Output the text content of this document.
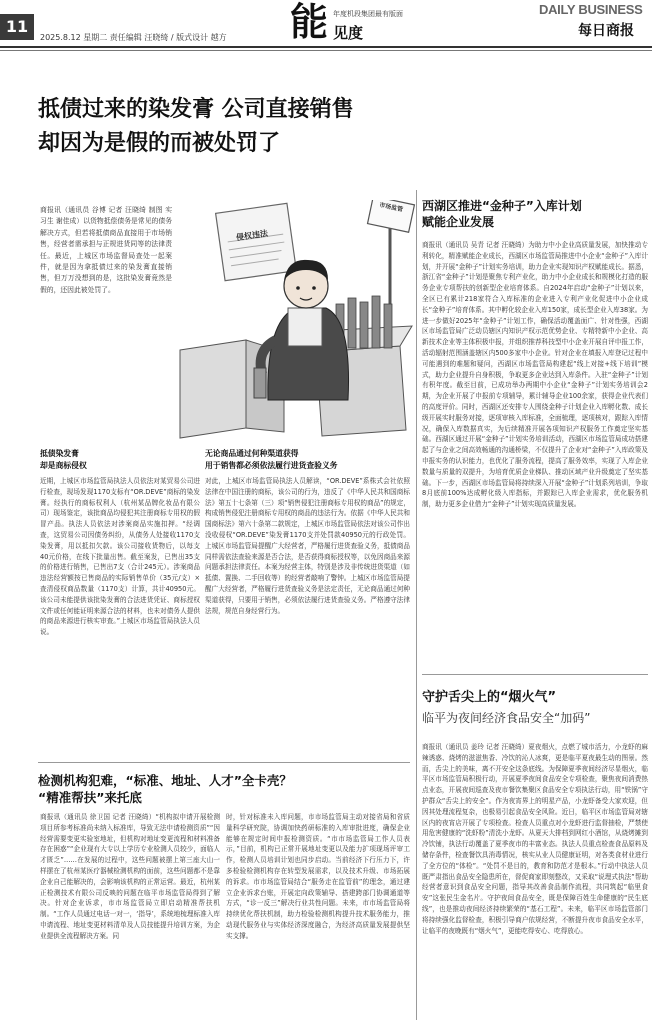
11
2025.8.12 星期二 责任编辑 汪晓绮 / 版式设计 越方 能 年度机段集团最有版面
见度
DAILY BUSINESS
每日商报
抵债过来的染发膏 公司直接销售
却因为是假的而被处罚了
商报讯（通讯员 谷博 记者 汪晓绮 制图 实习生 谢佳成）以货物抵偿债务是常见的债务解决方式，但若将抵债商品直接用于市场销售，经营者需承担与正规进货同等的法律责任。最近，上城区市场监督局查处一起案件，就是因为拿抵债过来的染发膏直接销售，但万万没想到的是，这批染发膏竟然是假的，还因此被处罚了。
侵权违法
市场监管
抵债染发膏
却是商标侵权
近期，上城区市场监管局执法人员依法对某贸易公司进行检查，现场发现1170支标有“OR.DEVE”商标的染发膏。经执行的商标权利人（杭州某品牌化妆品有限公司）现场鉴定，该批商品均侵犯其注册商标专用权的假冒产品。执法人员依法对涉案商品实施扣押。“经调查，这贸易公司因债务纠纷，从债务人处接收1170支染发膏，用以抵扣欠款。该公司接收货物后，以每支40元价格，在线下批量出售。截至案发，已售出35支的价格进行销售，已售出7支（合计245元）。涉案商品违法经营额按已售商品的实际销售单价（35元/支）×查清侵权商品数量（1170支）计算，共计40950元。该公司未能提供该批染发膏的合法进货凭证、商标授权文件或任何能证明来源合法的材料，也未对债务人提供的商品来源进行核实审查。”上城区市场监管局执法人员说。
无论商品通过何种渠道获得
用于销售都必须依法履行进货查验义务
对此，上城区市场监管局执法人员解读，“OR.DEVE”系株式会社依照法律在中国注册的商标，该公司的行为，违反了《中华人民共和国商标法》第五十七条第（三）项“销售侵犯注册商标专用权的商品”的规定，构成销售侵犯注册商标专用权的商品的违法行为。依据《中华人民共和国商标法》第六十条第二款规定，上城区市场监管局依法对该公司作出没收侵权“OR.DEVE”染发膏1170支并处罚款40950元的行政处罚。上城区市场监管局提醒广大经营者，严格履行进货查验义务，抵债商品同样需依法查验来源是否合法，是否获得商标授权等，以免因商品来源问题承担法律责任。本案为经营主体，特别是涉及非传统进货渠道（如抵债、置换、二手回收等）的经营者敲响了警钟。上城区市场监管局提醒广大经营者，严格履行进货查验义务是法定责任，无论商品通过何种渠道获得，只要用于销售，必须依法履行进货查验义务。严格遵守法律法规，规范自身经营行为。
西湖区推进“金种子”入库计划
赋能企业发展
商报讯（通讯员 吴青 记者 汪晓绮）为助力中小企业高质量发展，加快推动专利转化，精准赋能企业成长，西湖区市场监管局推进中小企业“金种子”入库计划，并开展“金种子”计划实务培训，助力企业实现知识产权赋能成长。据悉，浙江省“金种子”计划是聚焦专利产业化，助力中小企业成长和规模化打造的服务企业专项帮扶的创新型企业培育体系。自2024年启动“金种子”计划以来，全区已有累计218家符合入库标准的企业进入专利产业化促进中小企业成长“金种子”培育体系。其中孵化较企业入库150家，成长型企业入库38家。为进一步做好2025年“金种子”计划工作，确保活动覆盖面广、针对性强，西湖区市场监管局广泛动员辖区内知识产权示范优势企业、专精特新中小企业、高新技术企业等主体积极申报，并组织推荐科技型中小企业开展自评申报工作，活动辐射范围涵盖辖区内500多家中小企业。针对企业在填报入库登记过程中可能遇到的难题和疑问，西湖区市场监管局构建起“线上对接+线下培训”模式，助力企业提升自身积极，争取更多企业达到入库条件。入驻“金种子”计划有积年度。截至目前，已成功举办两期中小企业“金种子”计划实务培训会2期，为企业开展了申报前专项辅导，累计辅导企业100余家，获得企业代表们的高度评价。同时，西湖区还安排专人围绕金种子计划企业入库孵化数、成长级开展实时服务对接，逐项审核入库标准，全面梳理，逐项核对，跟踪入库情况，确保入库数据真实，为后续精准开展各项知识产权服务工作奠定坚实基础。西湖区通过开展“金种子”计划实务培训活动，西湖区市场监管局成功搭建起了与企业之间高效畅通的沟通桥梁，不仅提升了企业对“金种子”入库政策及申报实务的认识能力，也优化了服务流程，提高了服务效率，实现了入库企业数量与质量的双提升，为培育优质企业梯队、推动区域产业升级奠定了坚实基础。下一步，西湖区市场监管局将持续深入开展“金种子”计划系列培训，争取8月底前100%达成孵化级入库指标，并跟踪已入库企业需求，优化服务机制，助力更多企业借力“金种子”计划实现高质量发展。
守护舌尖上的“烟火气”
临平为夜间经济食品安全“加码”
商报讯（通讯员 姜玲 记者 汪晓绮）夏夜烟火，点燃了城市活力，小龙虾的麻辣诱惑、烧烤的滋滋焦香、冷饮的沁人冰爽，更是临平夏夜最生动的图景。然而，舌尖上的美味，离不开安全这条底线。为保障夏季夜间经济尽显烟火，临平区市场监管局积极行动，开展夏季夜间食品安全专项检查，聚焦夜间消费热点业态，开展夜间巡查及夜市餐饮集聚区食品安全专项执法行动，用“铁锅”守护群众“舌尖上的安全”。作为夜宵界上的明星产品，小龙虾备受大家欢迎，但因其处理流程复杂，也极易引起食品安全风险。近日，临平区市场监管局对辖区内的夜宵店开展了专项检查。检查人员重点对小龙虾进行监督抽检，严禁使用危害健康的“洗虾粉”清洗小龙虾。从夏天大排档到网红小酒馆，从烧烤摊到冷饮铺，执法行动覆盖了夏季夜市的丰富业态。执法人员重点检查食品原料及储存条件，检查餐饮具消毒情况，核实从业人员健康证明，对各类食材业进行了全方位的“体检”。“处罚不是目的，教育和防范才是根本。”行动中执法人员既严肃指出食品安全隐患所在，督促商家即刻整改，又采取“说理式执法”帮助经营者意识到食品安全问题，指导其改善食品制作流程，共同筑起“临里食安”这张民生金名片。守护夜间食品安全，既是保障百姓生命健康的“民生底线”，也是推动夜间经济持续繁荣的“基石工程”。未来，临平区市场监管部门将持续强化监督检查，积极引导商户依规经营，不断提升夜市食品安全水平，让临平的夜晚既有“烟火气”，更能吃得安心、吃得放心。
检测机构犯难，“标准、地址、人才”全卡壳？
“精准帮扶”来托底
商报讯（通讯员 徐卫国 记者 汪晓绮）“机构拟申请开展检测项目所参考标准尚未纳入标准库，导致无法申请检测资质”“因经营需要变更实验室地址，但机构对地址变更流程和材料准备存在困惑”“企业现有大专以上学历专业检测人员较少，面临人才匮乏”……在发展的过程中，这些问题被摆上第三座大山一样摆在了杭州某医疗器械检测机构的面前，这些问题都不是靠企业自己能解决的，会影响该机构的正常运营。最近，杭州某正检测技术有限公司反映的问题在临平市场监管局得到了解决。针对企业诉求，市市场监管局立即启动精准帮扶机制。“工作人员通过电话一对一，‘指导’，系统地梳理标准入库申请流程、地址变更材料清单及人员技能提升培训方案，为企业提供全流程解决方案。同
时，针对标准未入库问题，市市场监管局主动对接省局和省质量科学研究院，协调加快药研标准的入库审批进度，确保企业能够在规定时间申报检测资质。“市市场监管局工作人员表示，”目前，机构已正常开展地址变更以及能力扩项现场评审工作，检测人员培训计划也同步启动。当前经济下行压力下，许多检验检测机构存在转型发展需求，以及技术升级、市场拓展的诉求。市市场监管局结合“服务走在监管前”的理念，通过建立企业诉求台账，开展定向政策辅导、搭建跨部门协调通道等方式，“诊一反三”解决行业共性问题。未来，市市场监管局将持续优化帮扶机制，助力检验检测机构提升技术服务能力，推动现代服务业与实体经济深度融合，为经济高质量发展提供坚实支撑。
